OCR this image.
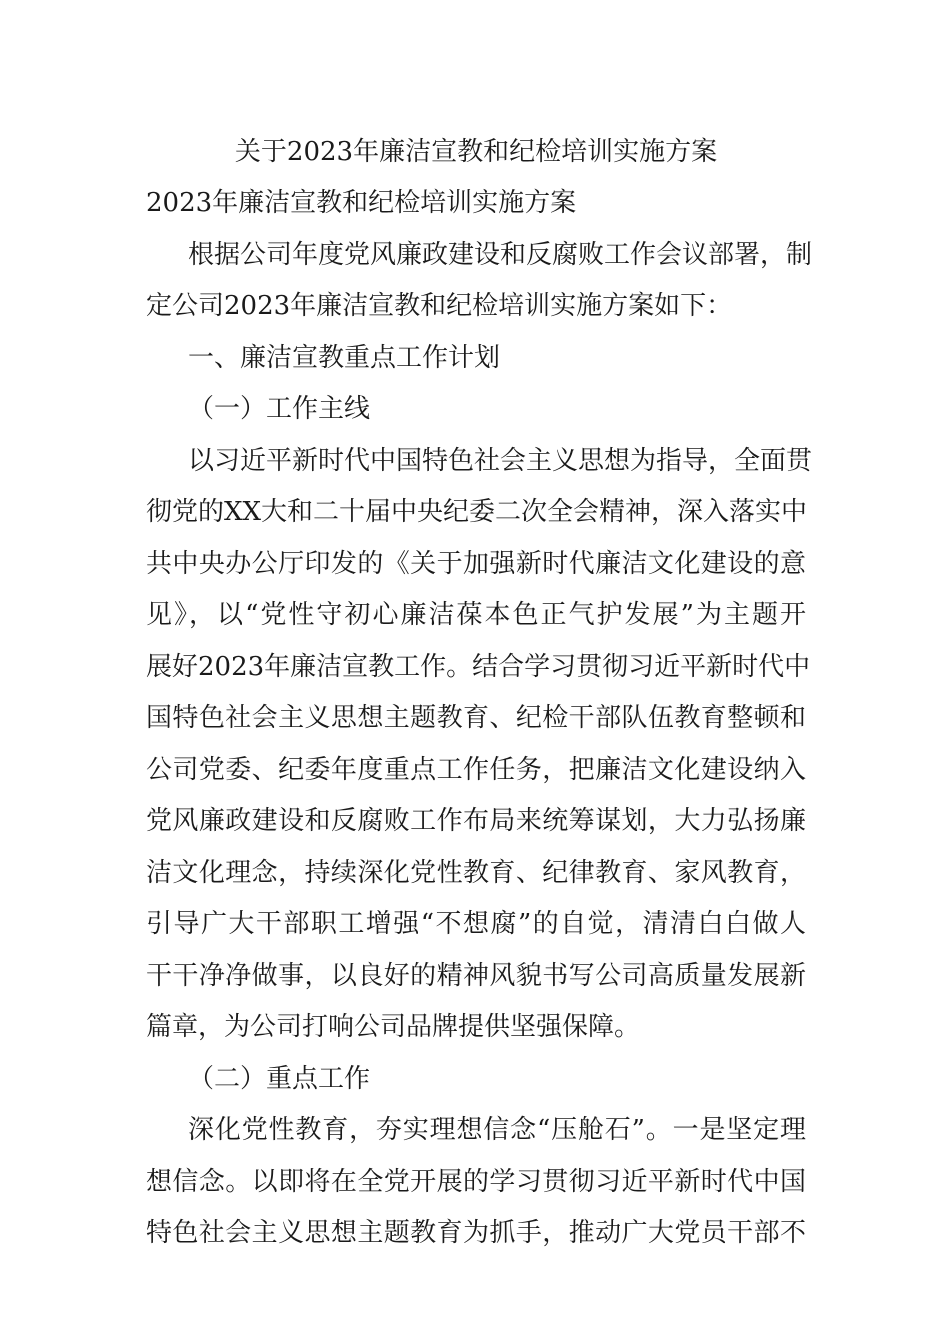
关于2023年廉洁宣教和纪检培训实施方案
2023年廉洁宣教和纪检培训实施方案
根据公司年度党风廉政建设和反腐败工作会议部署，制
定公司2023年廉洁宣教和纪检培训实施方案如下：
一、廉洁宣教重点工作计划
（一）工作主线
以习近平新时代中国特色社会主义思想为指导，全面贯
彻党的XX大和二十届中央纪委二次全会精神，深入落实中
共中央办公厅印发的《关于加强新时代廉洁文化建设的意
见》，以“党性守初心廉洁葆本色正气护发展”为主题开
展好2023年廉洁宣教工作。结合学习贯彻习近平新时代中
国特色社会主义思想主题教育、纪检干部队伍教育整顿和
公司党委、纪委年度重点工作任务，把廉洁文化建设纳入
党风廉政建设和反腐败工作布局来统筹谋划，大力弘扬廉
洁文化理念，持续深化党性教育、纪律教育、家风教育，
引导广大干部职工增强“不想腐”的自觉，清清白白做人
干干净净做事，以良好的精神风貌书写公司高质量发展新
篇章，为公司打响公司品牌提供坚强保障。
（二）重点工作
深化党性教育，夯实理想信念“压舱石”。一是坚定理
想信念。以即将在全党开展的学习贯彻习近平新时代中国
特色社会主义思想主题教育为抓手，推动广大党员干部不
